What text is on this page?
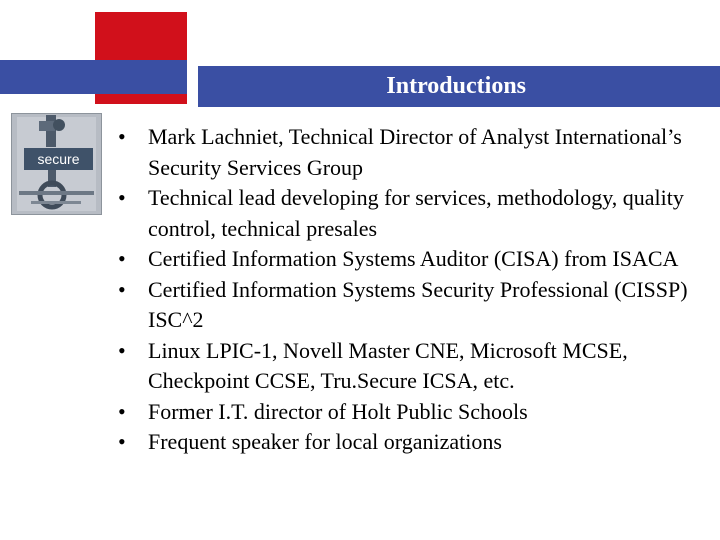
Introductions
secure
•	Mark Lachniet, Technical Director of Analyst International’s Security Services Group
•	Technical lead developing for services, methodology, quality control, technical presales
•	Certified Information Systems Auditor (CISA) from ISACA
•	Certified Information Systems Security Professional (CISSP) ISC^2
•	Linux LPIC-1, Novell Master CNE, Microsoft MCSE, Checkpoint CCSE, Tru.Secure ICSA, etc.
•	Former I.T. director of Holt Public Schools
•	Frequent speaker for local organizations
